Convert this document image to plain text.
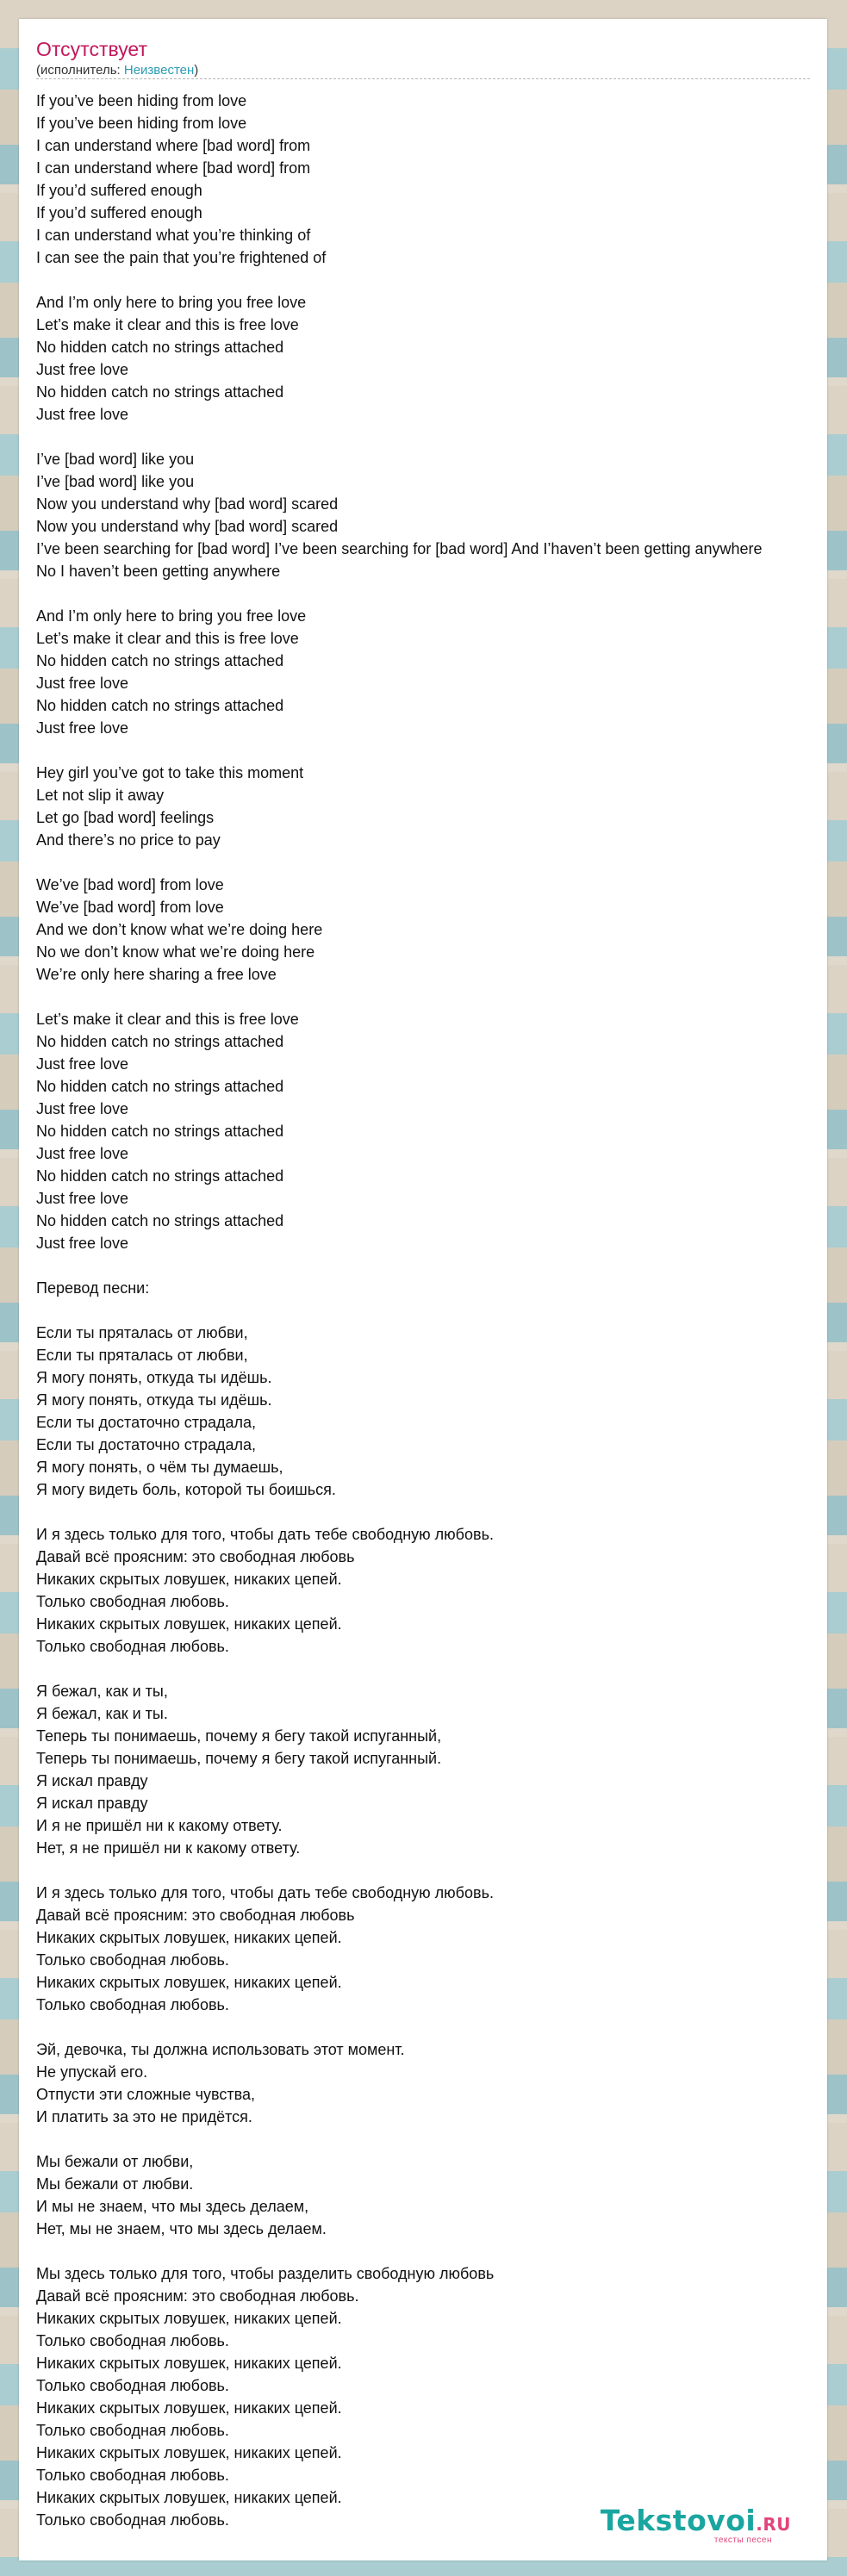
Отсутствует
(исполнитель: Неизвестен)
If you’ve been hiding from love
If you’ve been hiding from love
I can understand where [bad word] from
I can understand where [bad word] from
If you’d suffered enough
If you’d suffered enough
I can understand what you’re thinking of
I can see the pain that you’re frightened of
And I’m only here to bring you free love
Let’s make it clear and this is free love
No hidden catch no strings attached
Just free love
No hidden catch no strings attached
Just free love
I’ve [bad word] like you
I’ve [bad word] like you
Now you understand why [bad word] scared
Now you understand why [bad word] scared
I’ve been searching for [bad word] I’ve been searching for [bad word] And I’haven’t been getting anywhere
No I haven’t been getting anywhere
And I’m only here to bring you free love
Let’s make it clear and this is free love
No hidden catch no strings attached
Just free love
No hidden catch no strings attached
Just free love
Hey girl you’ve got to take this moment
Let not slip it away
Let go [bad word] feelings
And there’s no price to pay
We’ve [bad word] from love
We’ve [bad word] from love
And we don’t know what we’re doing here
No we don’t know what we’re doing here
We’re only here sharing a free love
Let’s make it clear and this is free love
No hidden catch no strings attached
Just free love
No hidden catch no strings attached
Just free love
No hidden catch no strings attached
Just free love
No hidden catch no strings attached
Just free love
No hidden catch no strings attached
Just free love
Перевод песни:
Если ты пряталась от любви,
Если ты пряталась от любви,
Я могу понять, откуда ты идёшь.
Я могу понять, откуда ты идёшь.
Если ты достаточно страдала,
Если ты достаточно страдала,
Я могу понять, о чём ты думаешь,
Я могу видеть боль, которой ты боишься.
И я здесь только для того, чтобы дать тебе свободную любовь.
Давай всё проясним: это свободная любовь
Никаких скрытых ловушек, никаких цепей.
Только свободная любовь.
Никаких скрытых ловушек, никаких цепей.
Только свободная любовь.
Я бежал, как и ты,
Я бежал, как и ты.
Теперь ты понимаешь, почему я бегу такой испуганный,
Теперь ты понимаешь, почему я бегу такой испуганный.
Я искал правду
Я искал правду
И я не пришёл ни к какому ответу.
Нет, я не пришёл ни к какому ответу.
И я здесь только для того, чтобы дать тебе свободную любовь.
Давай всё проясним: это свободная любовь
Никаких скрытых ловушек, никаких цепей.
Только свободная любовь.
Никаких скрытых ловушек, никаких цепей.
Только свободная любовь.
Эй, девочка, ты должна использовать этот момент.
Не упускай его.
Отпусти эти сложные чувства,
И платить за это не придётся.
Мы бежали от любви,
Мы бежали от любви.
И мы не знаем, что мы здесь делаем,
Нет, мы не знаем, что мы здесь делаем.
Мы здесь только для того, чтобы разделить свободную любовь
Давай всё проясним: это свободная любовь.
Никаких скрытых ловушек, никаких цепей.
Только свободная любовь.
Никаких скрытых ловушек, никаких цепей.
Только свободная любовь.
Никаких скрытых ловушек, никаких цепей.
Только свободная любовь.
Никаких скрытых ловушек, никаких цепей.
Только свободная любовь.
Никаких скрытых ловушек, никаких цепей.
Только свободная любовь.	Tekstovoi.RU
тексты песен
